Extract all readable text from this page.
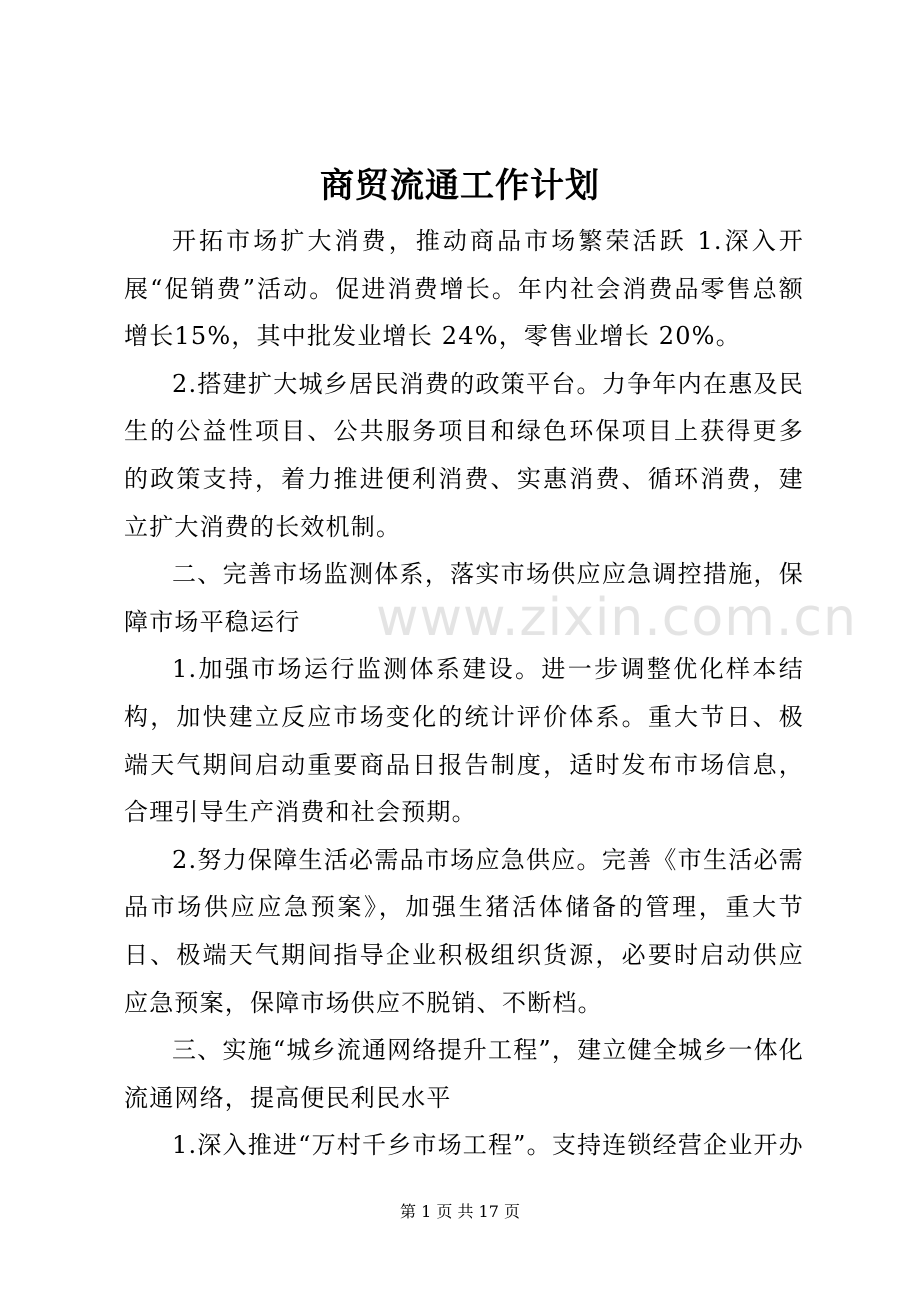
商贸流通工作计划
www.zixin.com.cn

开拓市场扩大消费，推动商品市场繁荣活跃 1.深入开展“促销费”活动。促进消费增长。年内社会消费品零售总额增长15%，其中批发业增长 24%，零售业增长 20%。

2.搭建扩大城乡居民消费的政策平台。力争年内在惠及民生的公益性项目、公共服务项目和绿色环保项目上获得更多的政策支持，着力推进便利消费、实惠消费、循环消费，建立扩大消费的长效机制。

二、完善市场监测体系，落实市场供应应急调控措施，保障市场平稳运行

1.加强市场运行监测体系建设。进一步调整优化样本结构，加快建立反应市场变化的统计评价体系。重大节日、极端天气期间启动重要商品日报告制度，适时发布市场信息，合理引导生产消费和社会预期。

2.努力保障生活必需品市场应急供应。完善《市生活必需品市场供应应急预案》，加强生猪活体储备的管理，重大节日、极端天气期间指导企业积极组织货源，必要时启动供应应急预案，保障市场供应不脱销、不断档。

三、实施“城乡流通网络提升工程”，建立健全城乡一体化流通网络，提高便民利民水平

1.深入推进“万村千乡市场工程”。支持连锁经营企业开办

第 1 页 共 17 页
